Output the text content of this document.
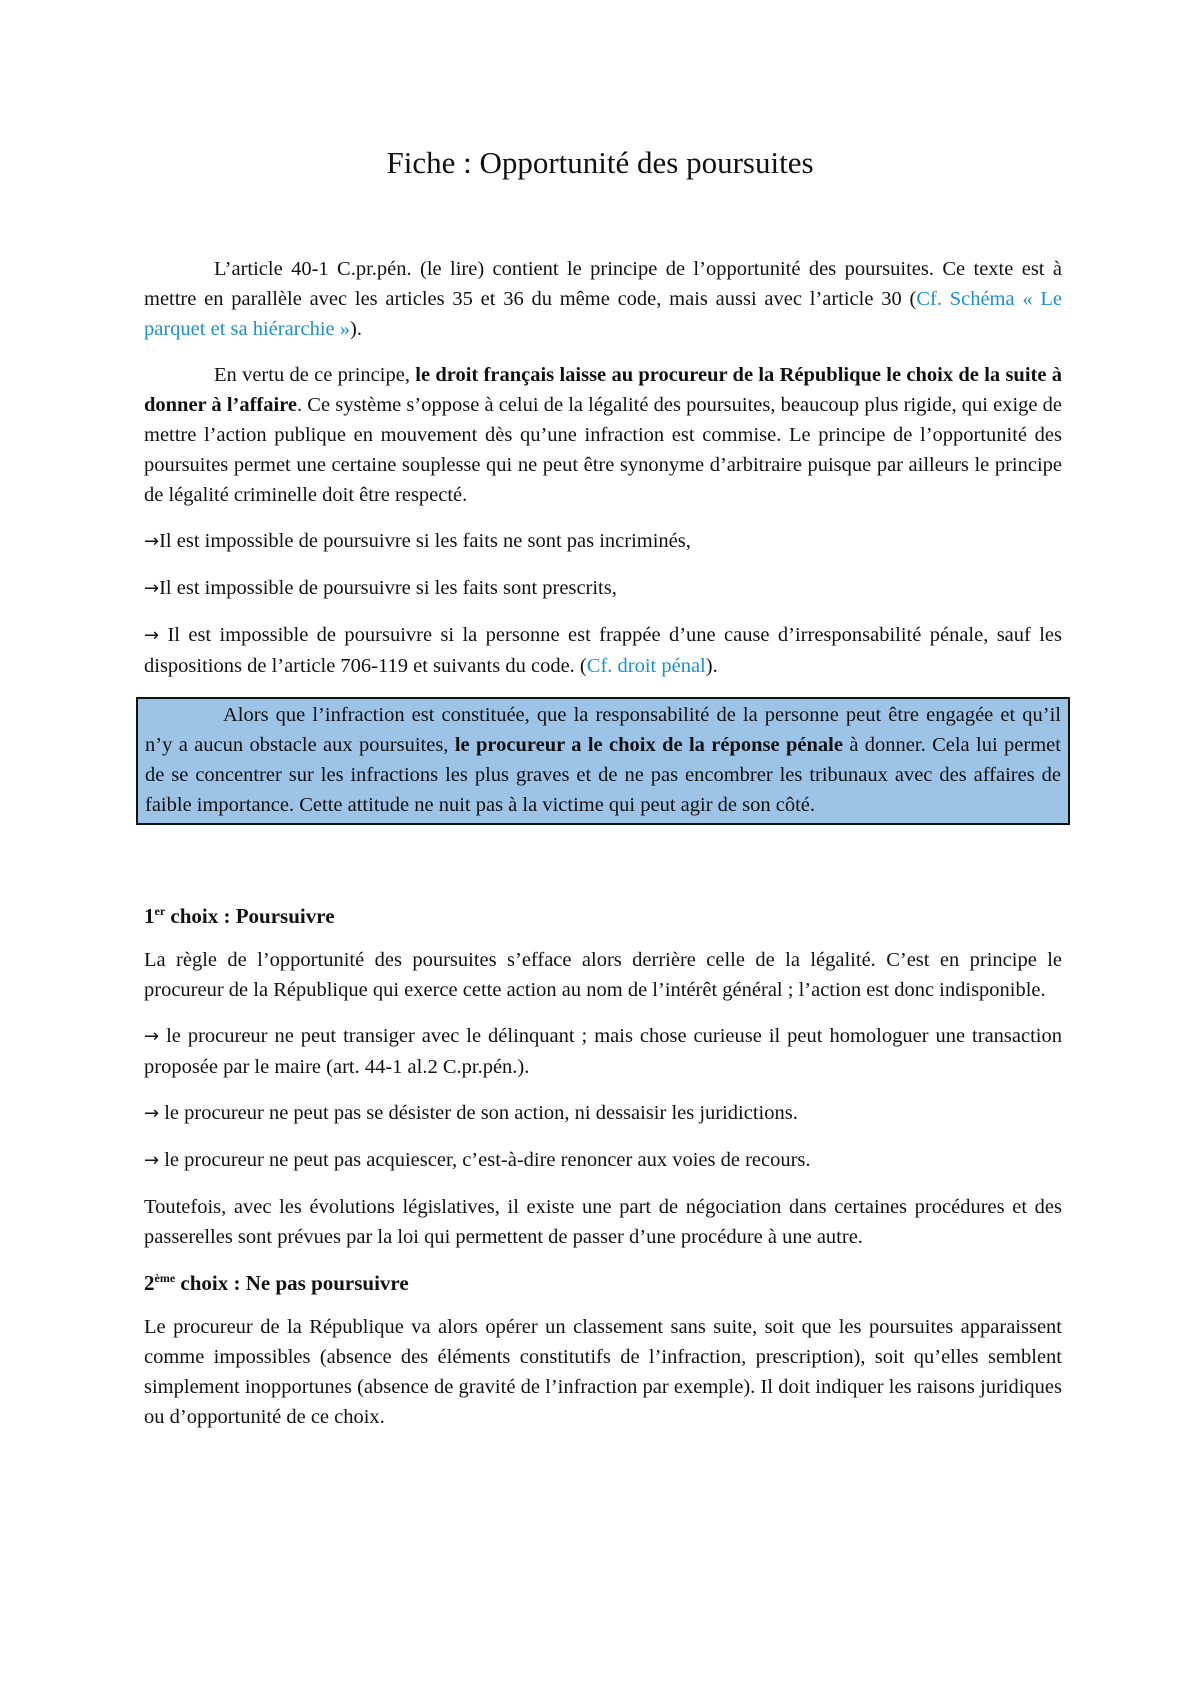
Fiche : Opportunité des poursuites

L’article 40-1 C.pr.pén. (le lire) contient le principe de l’opportunité des poursuites. Ce texte est à mettre en parallèle avec les articles 35 et 36 du même code, mais aussi avec l’article 30 (Cf. Schéma « Le parquet et sa hiérarchie »).

En vertu de ce principe, le droit français laisse au procureur de la République le choix de la suite à donner à l’affaire. Ce système s’oppose à celui de la légalité des poursuites, beaucoup plus rigide, qui exige de mettre l’action publique en mouvement dès qu’une infraction est commise. Le principe de l’opportunité des poursuites permet une certaine souplesse qui ne peut être synonyme d’arbitraire puisque par ailleurs le principe de légalité criminelle doit être respecté.

→Il est impossible de poursuivre si les faits ne sont pas incriminés,

→Il est impossible de poursuivre si les faits sont prescrits,

→ Il est impossible de poursuivre si la personne est frappée d’une cause d’irresponsabilité pénale, sauf les dispositions de l’article 706-119 et suivants du code. (Cf. droit pénal).

Alors que l’infraction est constituée, que la responsabilité de la personne peut être engagée et qu’il n’y a aucun obstacle aux poursuites, le procureur a le choix de la réponse pénale à donner. Cela lui permet de se concentrer sur les infractions les plus graves et de ne pas encombrer les tribunaux avec des affaires de faible importance. Cette attitude ne nuit pas à la victime qui peut agir de son côté.

1er choix : Poursuivre

La règle de l’opportunité des poursuites s’efface alors derrière celle de la légalité. C’est en principe le procureur de la République qui exerce cette action au nom de l’intérêt général ; l’action est donc indisponible.

→ le procureur ne peut transiger avec le délinquant ; mais chose curieuse il peut homologuer une transaction proposée par le maire (art. 44-1 al.2 C.pr.pén.).

→ le procureur ne peut pas se désister de son action, ni dessaisir les juridictions.

→ le procureur ne peut pas acquiescer, c’est-à-dire renoncer aux voies de recours.

Toutefois, avec les évolutions législatives, il existe une part de négociation dans certaines procédures et des passerelles sont prévues par la loi qui permettent de passer d’une procédure à une autre.

2ème choix : Ne pas poursuivre

Le procureur de la République va alors opérer un classement sans suite, soit que les poursuites apparaissent comme impossibles (absence des éléments constitutifs de l’infraction, prescription), soit qu’elles semblent simplement inopportunes (absence de gravité de l’infraction par exemple). Il doit indiquer les raisons juridiques ou d’opportunité de ce choix.
